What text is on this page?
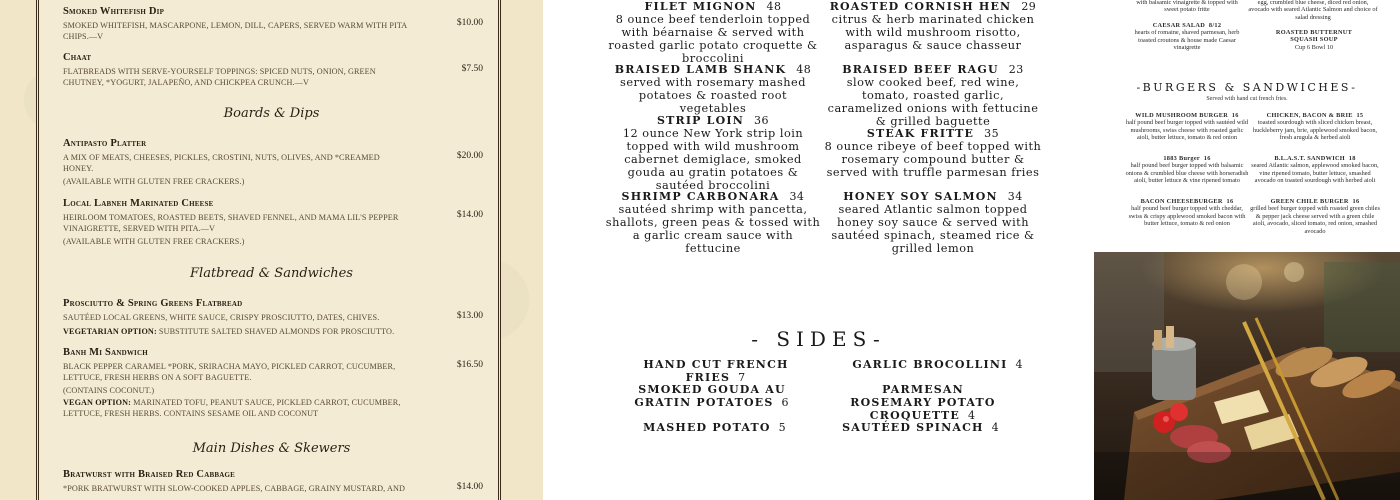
Smoked Whitefish Dip
SMOKED WHITEFISH, MASCARPONE, LEMON, DILL, CAPERS, SERVED WARM WITH PITA CHIPS.—V
$10.00
Chaat
FLATBREADS WITH SERVE-YOURSELF TOPPINGS: SPICED NUTS, ONION, GREEN CHUTNEY, *YOGURT, JALAPEÑO, AND CHICKPEA CRUNCH.—V
$7.50
Boards & Dips
Antipasto Platter
A MIX OF MEATS, CHEESES, PICKLES, CROSTINI, NUTS, OLIVES, AND *CREAMED HONEY.
(AVAILABLE WITH GLUTEN FREE CRACKERS.)
$20.00
Local Labneh Marinated Cheese
HEIRLOOM TOMATOES, ROASTED BEETS, SHAVED FENNEL, AND MAMA LIL'S PEPPER VINAIGRETTE, SERVED WITH PITA.—V
(AVAILABLE WITH GLUTEN FREE CRACKERS.)
$14.00
Flatbread & Sandwiches
Prosciutto & Spring Greens Flatbread
SAUTÉED LOCAL GREENS, WHITE SAUCE, CRISPY PROSCIUTTO, DATES, CHIVES.
VEGETARIAN OPTION: SUBSTITUTE SALTED SHAVED ALMONDS FOR PROSCIUTTO.
$13.00
Banh Mi Sandwich
BLACK PEPPER CARAMEL *PORK, SRIRACHA MAYO, PICKLED CARROT, CUCUMBER, LETTUCE, FRESH HERBS ON A SOFT BAGUETTE.
(CONTAINS COCONUT.)
VEGAN OPTION: MARINATED TOFU, PEANUT SAUCE, PICKLED CARROT, CUCUMBER, LETTUCE, FRESH HERBS. CONTAINS SESAME OIL AND COCONUT
$16.50
Main Dishes & Skewers
Bratwurst with Braised Red Cabbage
*PORK BRATWURST WITH SLOW-COOKED APPLES, CABBAGE, GRAINY MUSTARD, AND	$14.00
FILET MIGNON 48
8 ounce beef tenderloin topped with béarnaise & served with roasted garlic potato croquette & broccolini
ROASTED CORNISH HEN 29
citrus & herb marinated chicken with wild mushroom risotto, asparagus & sauce chasseur
BRAISED LAMB SHANK 48
served with rosemary mashed potatoes & roasted root vegetables
BRAISED BEEF RAGU 23
slow cooked beef, red wine, tomato, roasted garlic, caramelized onions with fettucine & grilled baguette
STRIP LOIN 36
12 ounce New York strip loin topped with wild mushroom cabernet demiglace, smoked gouda au gratin potatoes & sautéed broccolini
STEAK FRITTE 35
8 ounce ribeye of beef topped with rosemary compound butter & served with truffle parmesan fries
SHRIMP CARBONARA 34
sautéed shrimp with pancetta, shallots, green peas & tossed with a garlic cream sauce with fettucine
HONEY SOY SALMON 34
seared Atlantic salmon topped honey soy sauce & served with sautéed spinach, steamed rice & grilled lemon
- SIDES-
HAND CUT FRENCH FRIES 7
GARLIC BROCOLLINI 4
SMOKED GOUDA AU GRATIN POTATOES 6
PARMESAN ROSEMARY POTATO CROQUETTE 4
MASHED POTATO 5	SAUTÉED SPINACH 4
with balsamic vinaigrette & topped with sweet potato fritte
egg, crumbled blue cheese, diced red onion, avocado with seared Atlantic Salmon and choice of salad dressing
CAESAR SALAD 8/12
hearts of romaine, shaved parmesan, herb toasted croutons & house made Caesar vinaigrette
ROASTED BUTTERNUT SQUASH SOUP
Cup 6 Bowl 10
-BURGERS & SANDWICHES-
Served with hand cut french fries.
WILD MUSHROOM BURGER 16
half pound beef burger topped with sautéed wild mushrooms, swiss cheese with roasted garlic aioli, butter lettuce, tomato & red onion
CHICKEN, BACON & BRIE 15
toasted sourdough with sliced chicken breast, huckleberry jam, brie, applewood smoked bacon, fresh arugula & herbed aioli
1883 Burger 16
half pound beef burger topped with balsamic onions & crumbled blue cheese with horseradish aioli, butter lettuce & vine ripened tomato
B.L.A.S.T. SANDWICH 18
seared Atlantic salmon, applewood smoked bacon, vine ripened tomato, butter lettuce, smashed avocado on toasted sourdough with herbed aioli
BACON CHEESEBURGER 16
half pound beef burger topped with cheddar, swiss & crispy applewood smoked bacon with butter lettuce, tomato & red onion
GREEN CHILE BURGER 16
grilled beef burger topped with roasted green chiles & pepper jack cheese served with a green chile aioli, avocado, sliced tomato, red onion, smashed avocado
